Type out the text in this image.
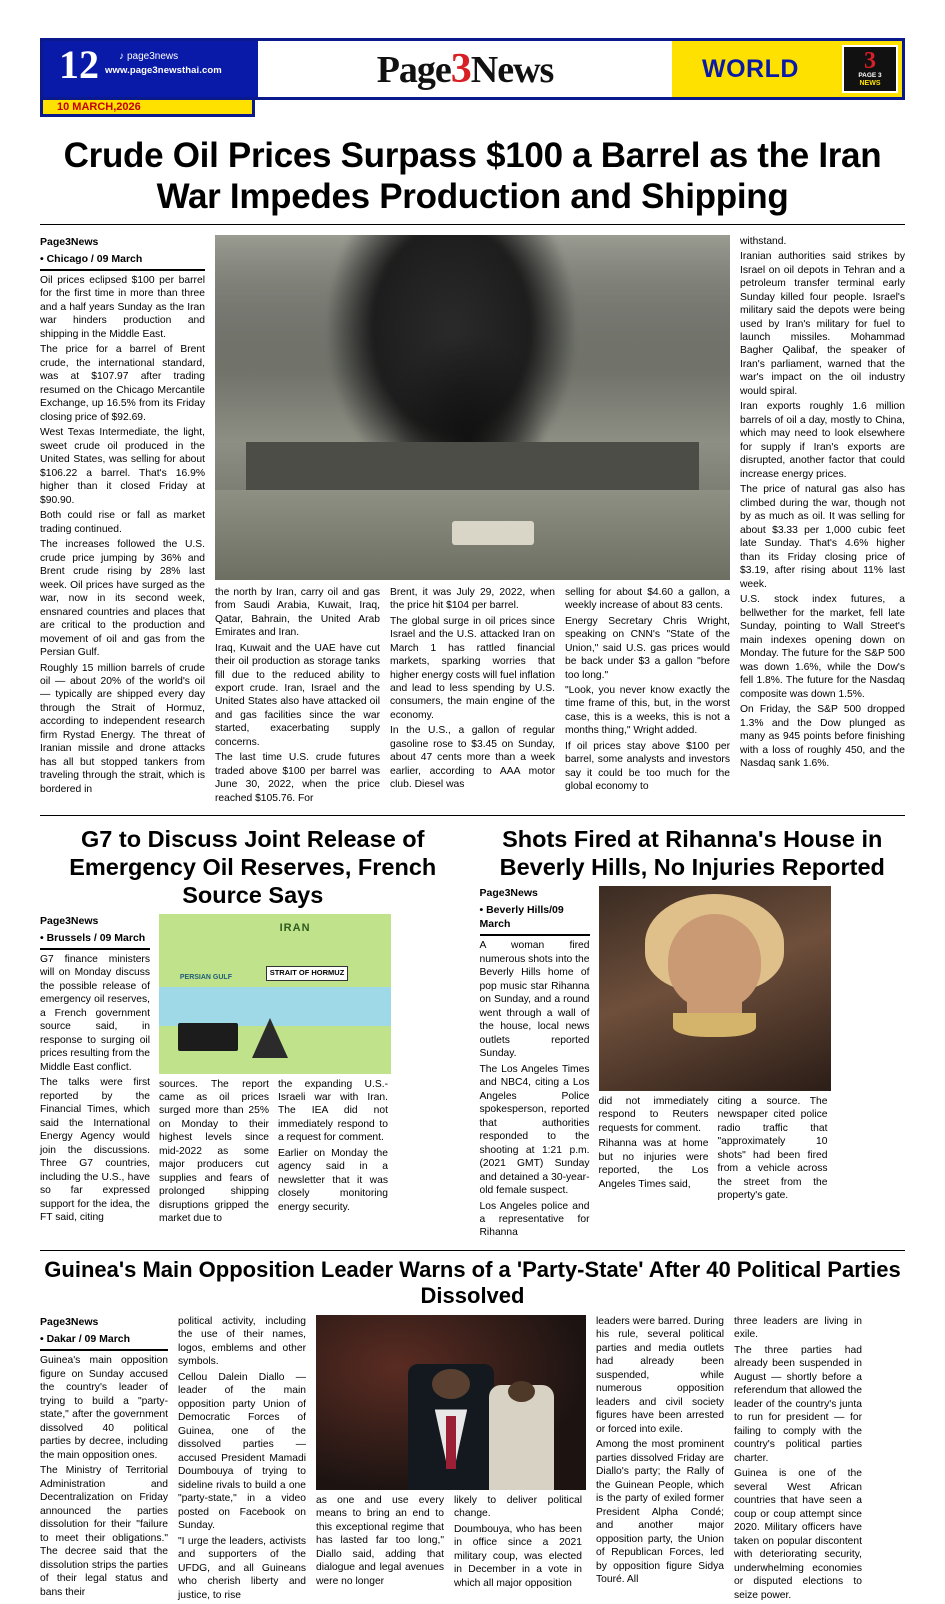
12 ♪ page3news
www.page3newsthai.com	Page 3 News	WORLD	3
PAGE 3
NEWS
10 MARCH,2026
Crude Oil Prices Surpass $100 a Barrel as the Iran War Impedes Production and Shipping
Page3News
• Chicago / 09 March

Oil prices eclipsed $100 per barrel for the first time in more than three and a half years Sunday as the Iran war hinders production and shipping in the Middle East.

The price for a barrel of Brent crude, the international standard, was at $107.97 after trading resumed on the Chicago Mercantile Exchange, up 16.5% from its Friday closing price of $92.69.

West Texas Intermediate, the light, sweet crude oil produced in the United States, was selling for about $106.22 a barrel. That's 16.9% higher than it closed Friday at $90.90.

Both could rise or fall as market trading continued.

The increases followed the U.S. crude price jumping by 36% and Brent crude rising by 28% last week. Oil prices have surged as the war, now in its second week, ensnared countries and places that are critical to the production and movement of oil and gas from the Persian Gulf.

Roughly 15 million barrels of crude oil — about 20% of the world's oil — typically are shipped every day through the Strait of Hormuz, according to independent research firm Rystad Energy. The threat of Iranian missile and drone attacks has all but stopped tankers from traveling through the strait, which is bordered in

the north by Iran, carry oil and gas from Saudi Arabia, Kuwait, Iraq, Qatar, Bahrain, the United Arab Emirates and Iran.

Iraq, Kuwait and the UAE have cut their oil production as storage tanks fill due to the reduced ability to export crude. Iran, Israel and the United States also have attacked oil and gas facilities since the war started, exacerbating supply concerns.

The last time U.S. crude futures traded above $100 per barrel was June 30, 2022, when the price reached $105.76. For

Brent, it was July 29, 2022, when the price hit $104 per barrel.

The global surge in oil prices since Israel and the U.S. attacked Iran on March 1 has rattled financial markets, sparking worries that higher energy costs will fuel inflation and lead to less spending by U.S. consumers, the main engine of the economy.

In the U.S., a gallon of regular gasoline rose to $3.45 on Sunday, about 47 cents more than a week earlier, according to AAA motor club. Diesel was

selling for about $4.60 a gallon, a weekly increase of about 83 cents.

Energy Secretary Chris Wright, speaking on CNN's "State of the Union," said U.S. gas prices would be back under $3 a gallon "before too long."

"Look, you never know exactly the time frame of this, but, in the worst case, this is a weeks, this is not a months thing," Wright added.

If oil prices stay above $100 per barrel, some analysts and investors say it could be too much for the global economy to

withstand.

Iranian authorities said strikes by Israel on oil depots in Tehran and a petroleum transfer terminal early Sunday killed four people. Israel's military said the depots were being used by Iran's military for fuel to launch missiles. Mohammad Bagher Qalibaf, the speaker of Iran's parliament, warned that the war's impact on the oil industry would spiral.

Iran exports roughly 1.6 million barrels of oil a day, mostly to China, which may need to look elsewhere for supply if Iran's exports are disrupted, another factor that could increase energy prices.

The price of natural gas also has climbed during the war, though not by as much as oil. It was selling for about $3.33 per 1,000 cubic feet late Sunday. That's 4.6% higher than its Friday closing price of $3.19, after rising about 11% last week.

U.S. stock index futures, a bellwether for the market, fell late Sunday, pointing to Wall Street's main indexes opening down on Monday. The future for the S&P 500 was down 1.6%, while the Dow's fell 1.8%. The future for the Nasdaq composite was down 1.5%.

On Friday, the S&P 500 dropped 1.3% and the Dow plunged as many as 945 points before finishing with a loss of roughly 450, and the Nasdaq sank 1.6%.

G7 to Discuss Joint Release of Emergency Oil Reserves, French Source Says
Page3News
• Brussels / 09 March

G7 finance ministers will on Monday discuss the possible release of emergency oil reserves, a French government source said, in response to surging oil prices resulting from the Middle East conflict.

The talks were first reported by the Financial Times, which said the International Energy Agency would join the discussions. Three G7 countries, including the U.S., have so far expressed support for the idea, the FT said, citing

IRAN
PERSIAN GULF
STRAIT OF HORMUZ

sources. The report came as oil prices surged more than 25% on Monday to their highest levels since mid-2022 as some major producers cut supplies and fears of prolonged shipping disruptions gripped the market due to

the expanding U.S.-Israeli war with Iran. The IEA did not immediately respond to a request for comment.

Earlier on Monday the agency said in a newsletter that it was closely monitoring energy security.

Shots Fired at Rihanna's House in Beverly Hills, No Injuries Reported
Page3News
• Beverly Hills/09 March

A woman fired numerous shots into the Beverly Hills home of pop music star Rihanna on Sunday, and a round went through a wall of the house, local news outlets reported Sunday.

The Los Angeles Times and NBC4, citing a Los Angeles Police spokesperson, reported that authorities responded to the shooting at 1:21 p.m. (2021 GMT) Sunday and detained a 30-year-old female suspect.

Los Angeles police and a representative for Rihanna

did not immediately respond to Reuters requests for comment.

Rihanna was at home but no injuries were reported, the Los Angeles Times said,

citing a source. The newspaper cited police radio traffic that "approximately 10 shots" had been fired from a vehicle across the street from the property's gate.

Guinea's Main Opposition Leader Warns of a 'Party-State' After 40 Political Parties Dissolved
Page3News
• Dakar / 09 March

Guinea's main opposition figure on Sunday accused the country's leader of trying to build a "party-state," after the government dissolved 40 political parties by decree, including the main opposition ones.

The Ministry of Territorial Administration and Decentralization on Friday announced the parties dissolution for their "failure to meet their obligations." The decree said that the dissolution strips the parties of their legal status and bans their

political activity, including the use of their names, logos, emblems and other symbols.

Cellou Dalein Diallo — leader of the main opposition party Union of Democratic Forces of Guinea, one of the dissolved parties — accused President Mamadi Doumbouya of trying to sideline rivals to build a one "party-state," in a video posted on Facebook on Sunday.

"I urge the leaders, activists and supporters of the UFDG, and all Guineans who cherish liberty and justice, to rise

as one and use every means to bring an end to this exceptional regime that has lasted far too long," Diallo said, adding that dialogue and legal avenues were no longer

likely to deliver political change.

Doumbouya, who has been in office since a 2021 military coup, was elected in December in a vote in which all major opposition

leaders were barred. During his rule, several political parties and media outlets had already been suspended, while numerous opposition leaders and civil society figures have been arrested or forced into exile.

Among the most prominent parties dissolved Friday are Diallo's party; the Rally of the Guinean People, which is the party of exiled former President Alpha Condé; and another major opposition party, the Union of Republican Forces, led by opposition figure Sidya Touré. All

three leaders are living in exile.

The three parties had already been suspended in August — shortly before a referendum that allowed the leader of the country's junta to run for president — for failing to comply with the country's political parties charter.

Guinea is one of the several West African countries that have seen a coup or coup attempt since 2020. Military officers have taken on popular discontent with deteriorating security, underwhelming economies or disputed elections to seize power.
